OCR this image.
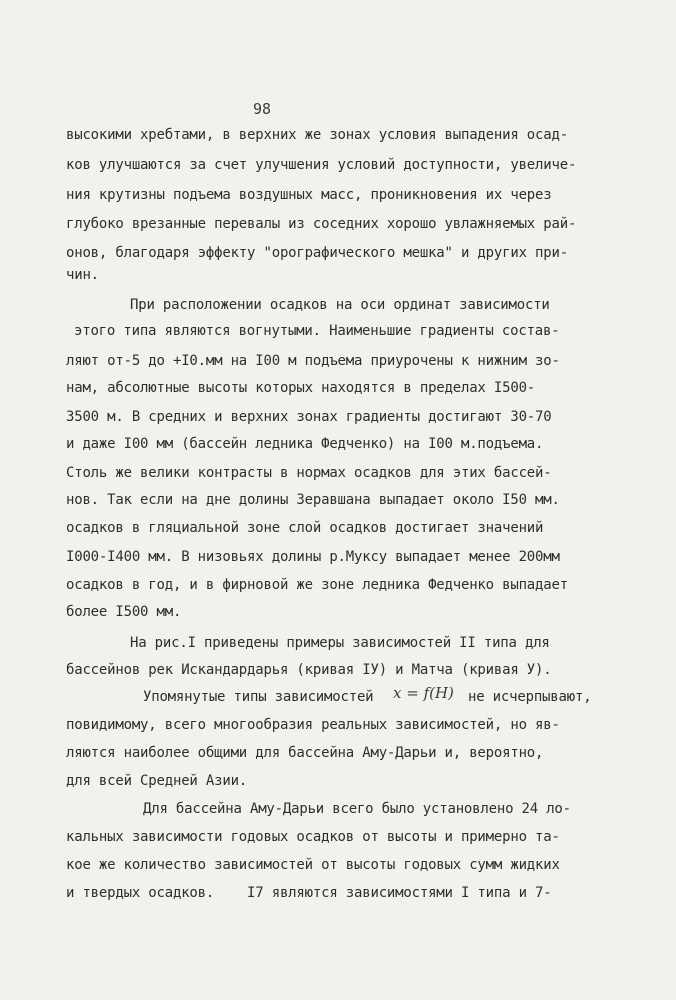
98
высокими хребтами, в верхних же зонах условия выпадения осад-
ков улучшаются за счет улучшения условий доступности, увеличе-
ния крутизны подъема воздушных масс, проникновения их через
глубоко врезанные перевалы из соседних хорошо увлажняемых рай-
онов, благодаря эффекту "орографического мешка" и других при-
чин.
При расположении осадков на оси ординат зависимости
этого типа являются вогнутыми. Наименьшие градиенты состав-
ляют от-5 до +I0.мм на I00 м подъема приурочены к нижним зо-
нам, абсолютные высоты которых находятся в пределах I500-
3500 м. В средних и верхних зонах градиенты достигают 30-70
и даже I00 мм (бассейн ледника Федченко) на I00 м.подъема.
Столь же велики контрасты в нормах осадков для этих бассей-
нов. Так если на дне долины Зеравшана выпадает около I50 мм.
осадков в гляциальной зоне слой осадков достигает значений
I000-I400 мм. В низовьях долины р.Муксу выпадает менее 200мм
осадков в год, и в фирновой же зоне ледника Федченко выпадает
более I500 мм.
На рис.I приведены примеры зависимостей II типа для
бассейнов рек Искандардарья (кривая IУ) и Матча (кривая У).
Упомянутые типы зависимостей x = f(H) не исчерпывают,
повидимому, всего многообразия реальных зависимостей, но яв-
ляются наиболее общими для бассейна Аму-Дарьи и, вероятно,
для всей Средней Азии.
Для бассейна Аму-Дарьи всего было установлено 24 ло-
кальных зависимости годовых осадков от высоты и примерно та-
кое же количество зависимостей от высоты годовых сумм жидких
и твердых осадков.    I7 являются зависимостями I типа и 7-
